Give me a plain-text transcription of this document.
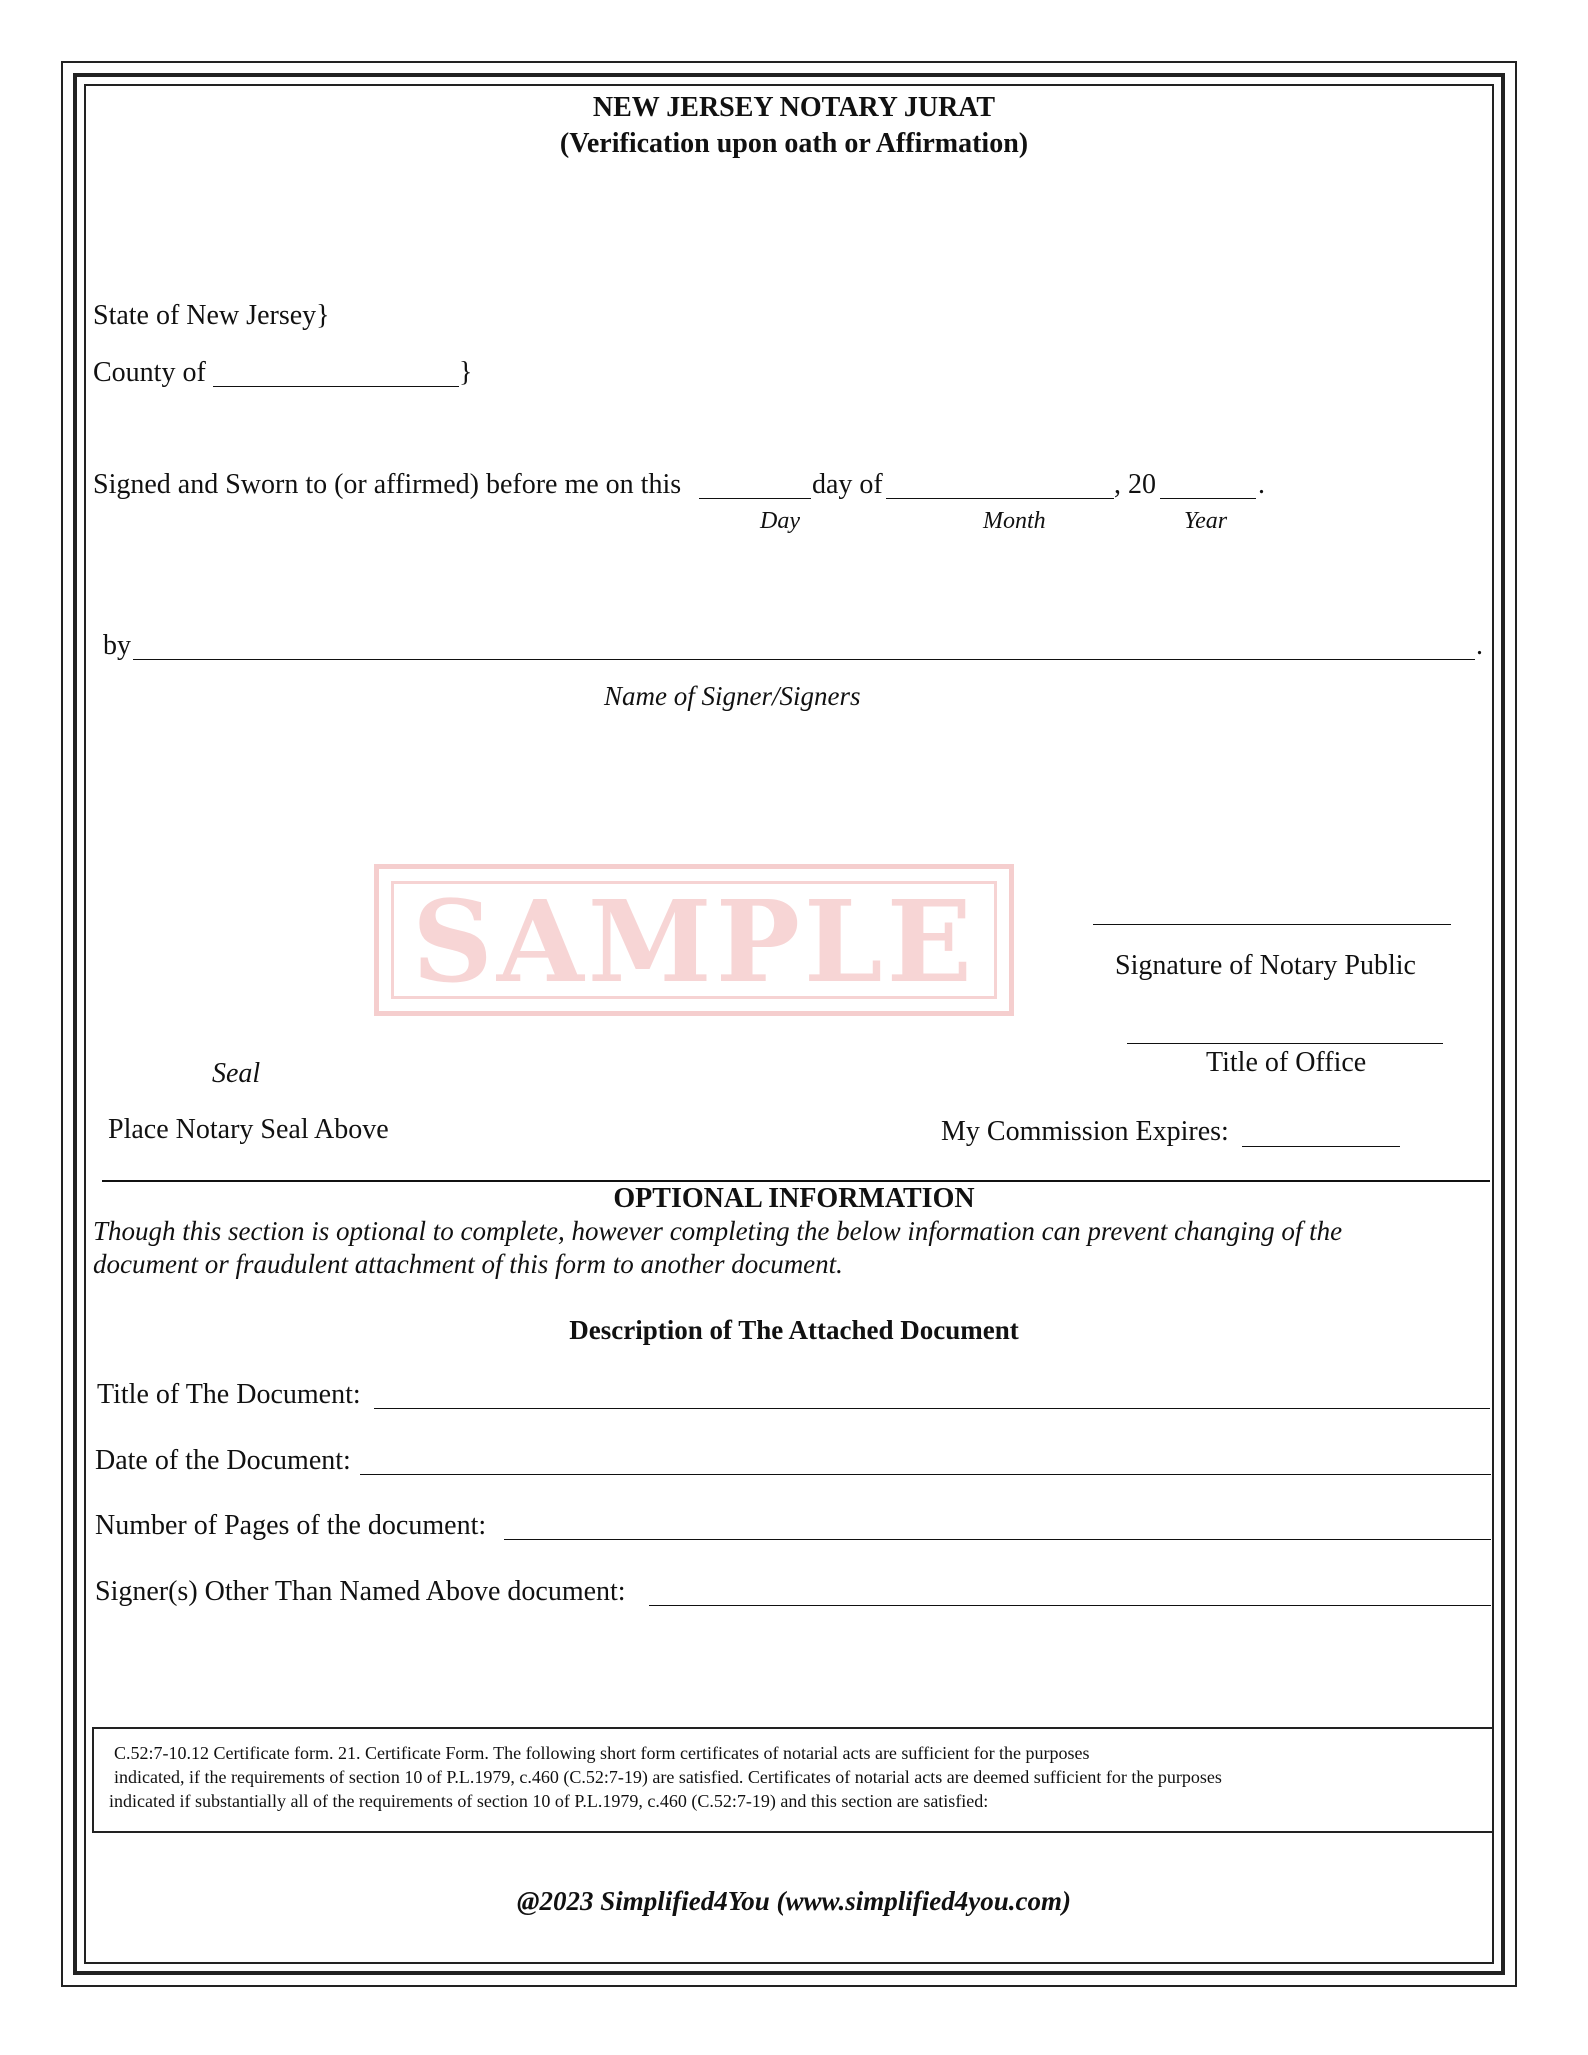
NEW JERSEY NOTARY JURAT
(Verification upon oath or Affirmation)
State of New Jersey}
County of	}
Signed and Sworn to (or affirmed) before me on this	day of	, 20	.
Day	Month	Year
by	.
Name of Signer/Signers
SAMPLE	Signature of Notary Public
Title of Office
Seal
Place Notary Seal Above	My Commission Expires:
OPTIONAL INFORMATION
Though this section is optional to complete, however completing the below information can prevent changing of the
document or fraudulent attachment of this form to another document.
Description of The Attached Document
Title of The Document:
Date of the Document:
Number of Pages of the document:
Signer(s) Other Than Named Above document:
C.52:7-10.12 Certificate form. 21. Certificate Form. The following short form certificates of notarial acts are sufficient for the purposes
indicated, if the requirements of section 10 of P.L.1979, c.460 (C.52:7-19) are satisfied. Certificates of notarial acts are deemed sufficient for the purposes
indicated if substantially all of the requirements of section 10 of P.L.1979, c.460 (C.52:7-19) and this section are satisfied:
@2023 Simplified4You (www.simplified4you.com)
